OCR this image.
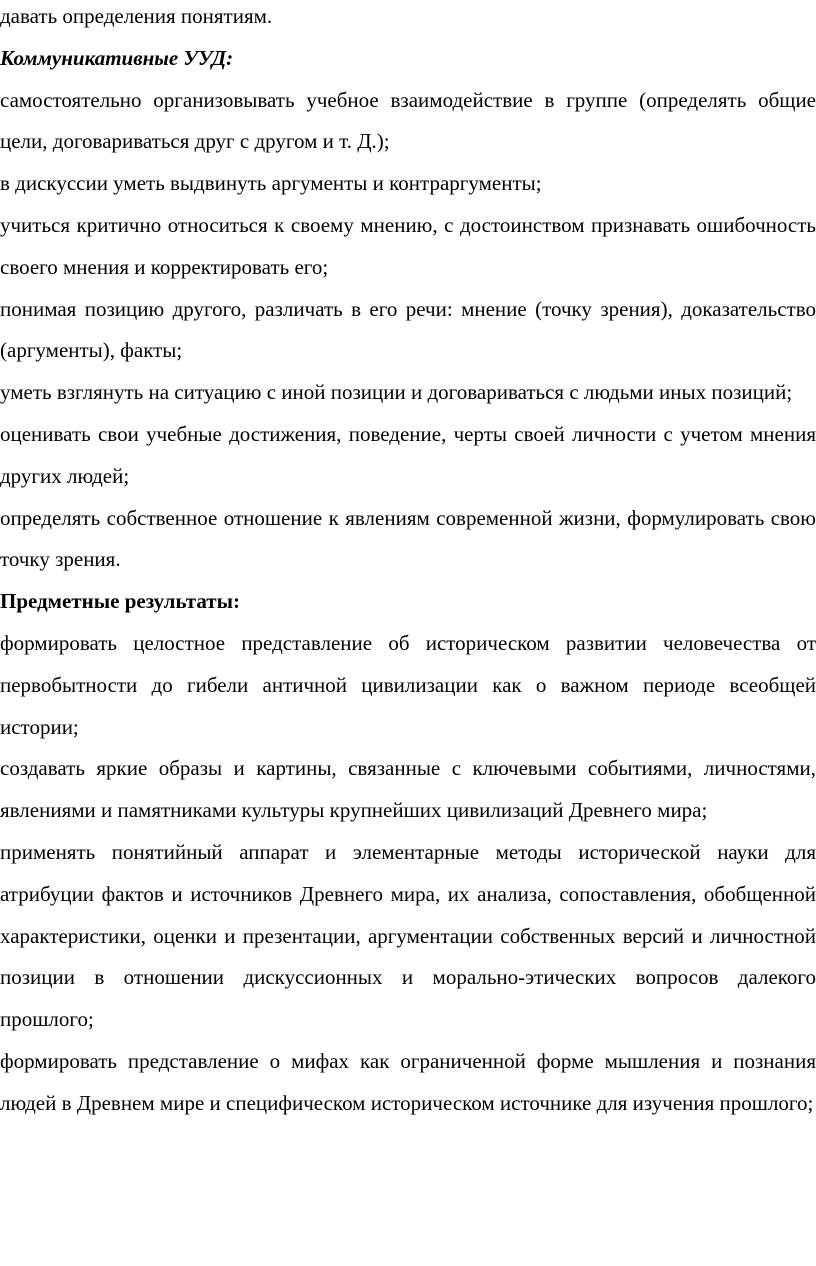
давать определения понятиям.

Коммуникативные УУД:

самостоятельно организовывать учебное взаимодействие в группе (определять общие цели, договариваться друг с другом и т. Д.);

в дискуссии уметь выдвинуть аргументы и контраргументы;

учиться критично относиться к своему мнению, с достоинством признавать ошибочность своего мнения и корректировать его;

понимая позицию другого, различать в его речи: мнение (точку зрения), доказательство (аргументы), факты;

уметь взглянуть на ситуацию с иной позиции и договариваться с людьми иных позиций;

оценивать свои учебные достижения, поведение, черты своей личности с учетом мнения других людей;

определять собственное отношение к явлениям современной жизни, формулировать свою точку зрения.

Предметные результаты:

формировать целостное представление об историческом развитии человечества от первобытности до гибели античной цивилизации как о важном периоде всеобщей истории;

создавать яркие образы и картины, связанные с ключевыми событиями, личностями, явлениями и памятниками культуры крупнейших цивилизаций Древнего мира;

применять понятийный аппарат и элементарные методы исторической науки для атрибуции фактов и источников Древнего мира, их анализа, сопоставления, обобщенной характеристики, оценки и презентации, аргументации собственных версий и личностной позиции в отношении дискуссионных и морально-этических вопросов далекого прошлого;

формировать представление о мифах как ограниченной форме мышления и познания людей в Древнем мире и специфическом историческом источнике для изучения прошлого;
